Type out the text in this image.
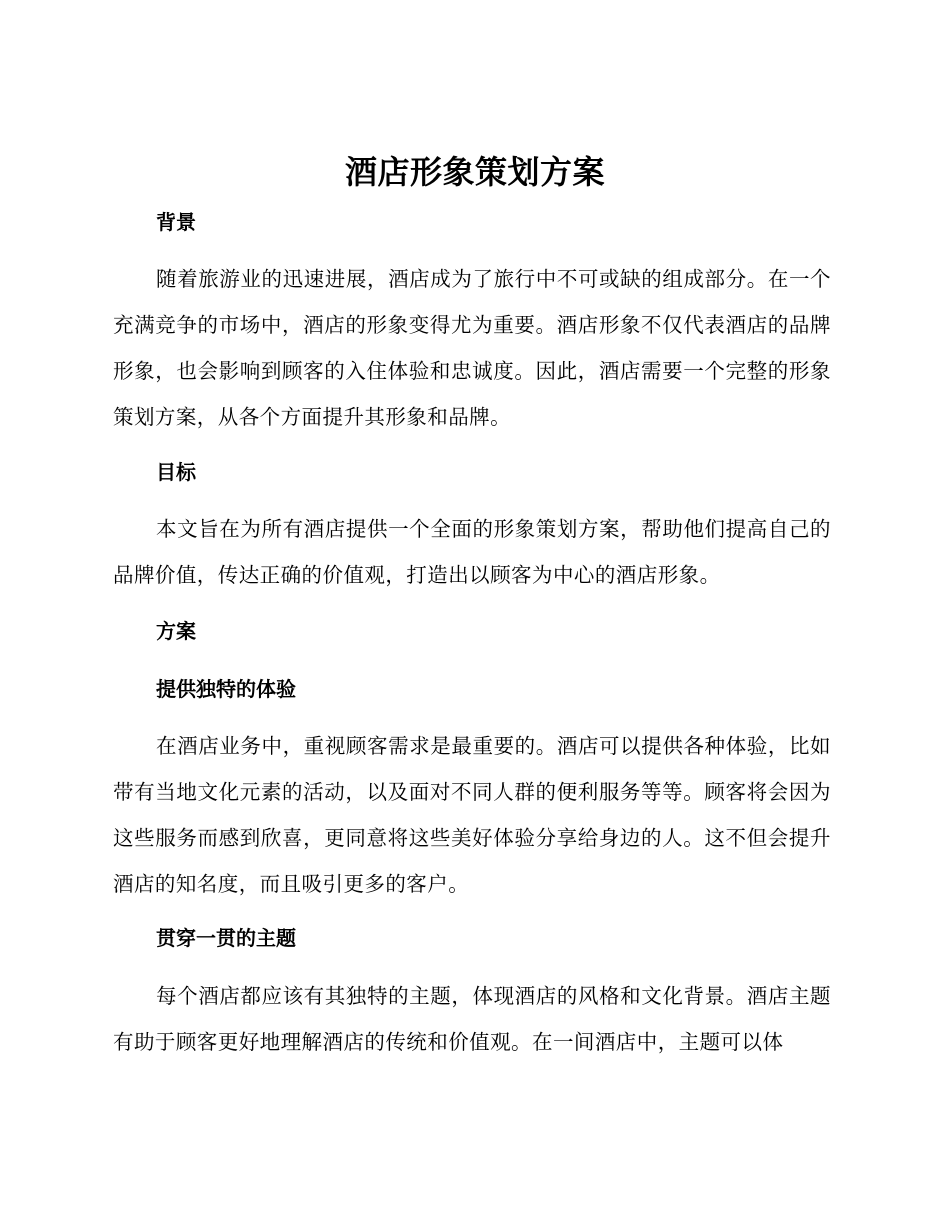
酒店形象策划方案
背景

随着旅游业的迅速进展，酒店成为了旅行中不可或缺的组成部分。在一个充满竞争的市场中，酒店的形象变得尤为重要。酒店形象不仅代表酒店的品牌形象，也会影响到顾客的入住体验和忠诚度。因此，酒店需要一个完整的形象策划方案，从各个方面提升其形象和品牌。

目标

本文旨在为所有酒店提供一个全面的形象策划方案，帮助他们提高自己的品牌价值，传达正确的价值观，打造出以顾客为中心的酒店形象。

方案
提供独特的体验

在酒店业务中，重视顾客需求是最重要的。酒店可以提供各种体验，比如带有当地文化元素的活动，以及面对不同人群的便利服务等等。顾客将会因为这些服务而感到欣喜，更同意将这些美好体验分享给身边的人。这不但会提升酒店的知名度，而且吸引更多的客户。

贯穿一贯的主题

每个酒店都应该有其独特的主题，体现酒店的风格和文化背景。酒店主题有助于顾客更好地理解酒店的传统和价值观。在一间酒店中，主题可以体
